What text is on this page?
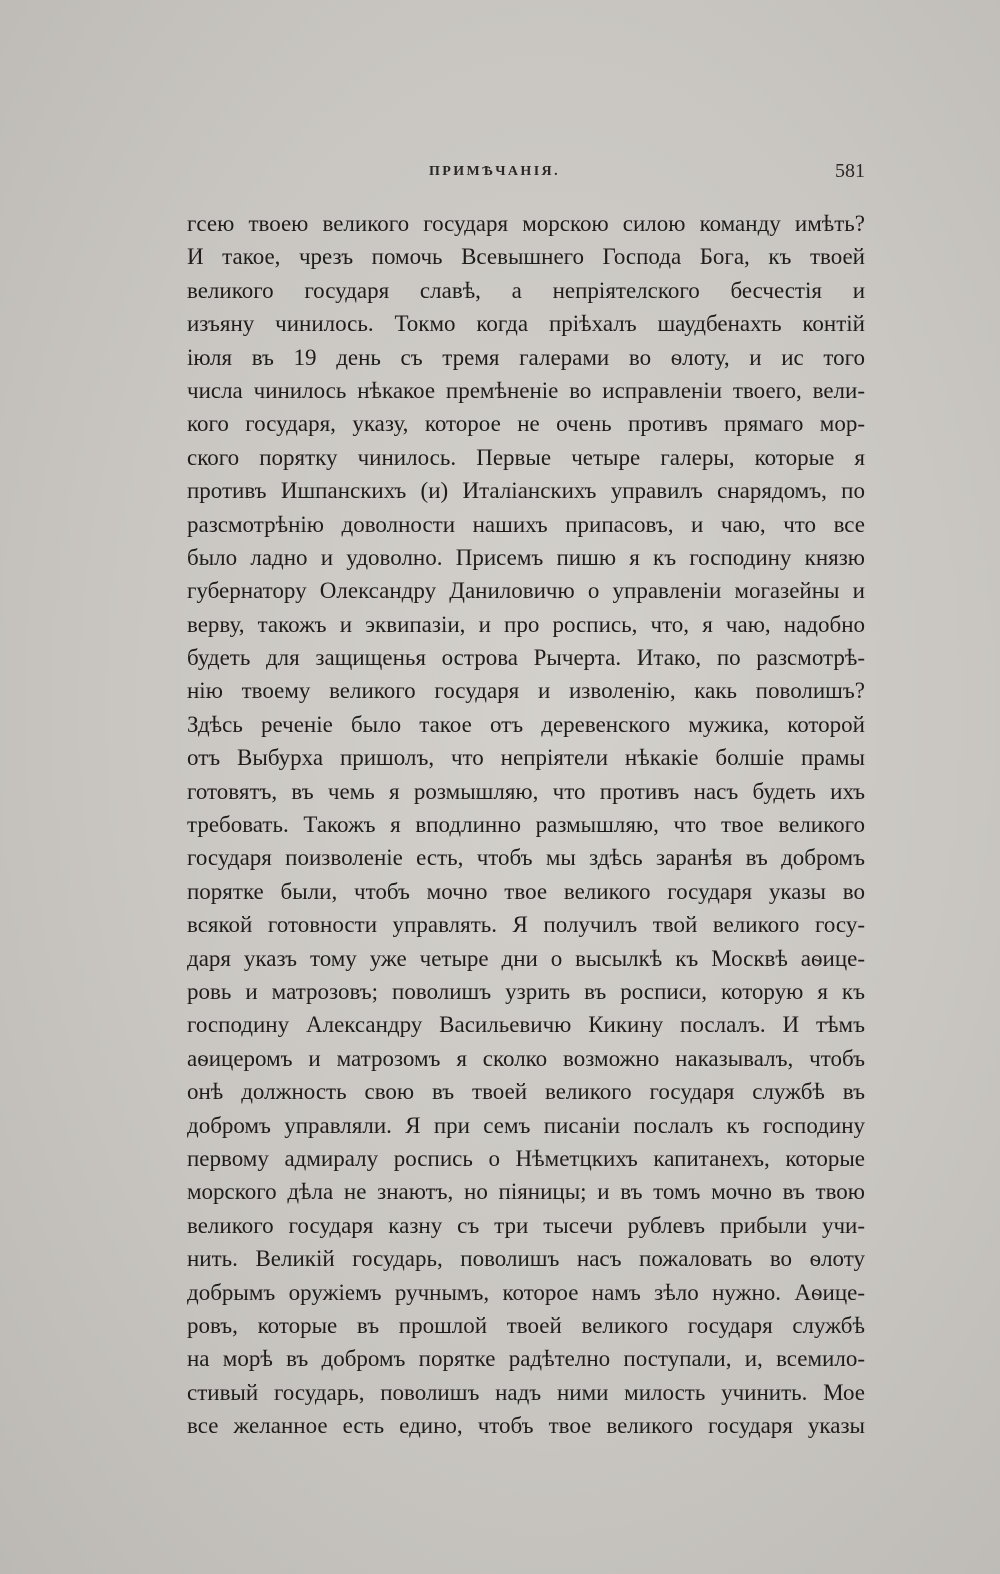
ПРИМѢЧАНІЯ.	581
гсею твоею великого государя морскою силою команду имѣть?
И такое, чрезъ помочь Всевышнего Господа Бога, къ твоей
великого государя славѣ, а непріятелского бесчестія и
изъяну чинилось. Токмо когда пріѣхалъ шаудбенахть контій
іюля въ 19 день съ тремя галерами во ѳлоту, и ис того
числа чинилось нѣкакое премѣненіе во исправленіи твоего, вели-
кого государя, указу, которое не очень противъ прямаго мор-
ского порятку чинилось. Первые четыре галеры, которые я
противъ Ишпанскихъ (и) Италіанскихъ управилъ снарядомъ, по
разсмотрѣнію доволности нашихъ припасовъ, и чаю, что все
было ладно и удоволно. Присемъ пишю я къ господину князю
губернатору Олександру Даниловичю о управленіи могазейны и
верву, такожъ и эквипазіи, и про роспись, что, я чаю, надобно
будеть для защищенья острова Рычерта. Итако, по разсмотрѣ-
нію твоему великого государя и изволенію, какь поволишъ?
Здѣсь реченіе было такое отъ деревенского мужика, которой
отъ Выбурха пришолъ, что непріятели нѣкакіе болшіе прамы
готовятъ, въ чемь я розмышляю, что противъ насъ будеть ихъ
требовать. Такожъ я вподлинно размышляю, что твое великого
государя поизволеніе есть, чтобъ мы здѣсь заранѣя въ добромъ
порятке были, чтобъ мочно твое великого государя указы во
всякой готовности управлять. Я получилъ твой великого госу-
даря указъ тому уже четыре дни о высылкѣ къ Москвѣ аѳице-
ровь и матрозовъ; поволишъ узрить въ росписи, которую я къ
господину Александру Васильевичю Кикину послалъ. И тѣмъ
аѳицеромъ и матрозомъ я сколко возможно наказывалъ, чтобъ
онѣ должность свою въ твоей великого государя службѣ въ
добромъ управляли. Я при семъ писаніи послалъ къ господину
первому адмиралу роспись о Нѣметцкихъ капитанехъ, которые
морского дѣла не знаютъ, но піяницы; и въ томъ мочно въ твою
великого государя казну съ три тысечи рублевъ прибыли учи-
нить. Великій государь, поволишъ насъ пожаловать во ѳлоту
добрымъ оружіемъ ручнымъ, которое намъ зѣло нужно. Аѳице-
ровъ, которые въ прошлой твоей великого государя службѣ
на морѣ въ добромъ порятке радѣтелно поступали, и, всемило-
стивый государь, поволишъ надъ ними милость учинить. Мое
все желанное есть едино, чтобъ твое великого государя указы
